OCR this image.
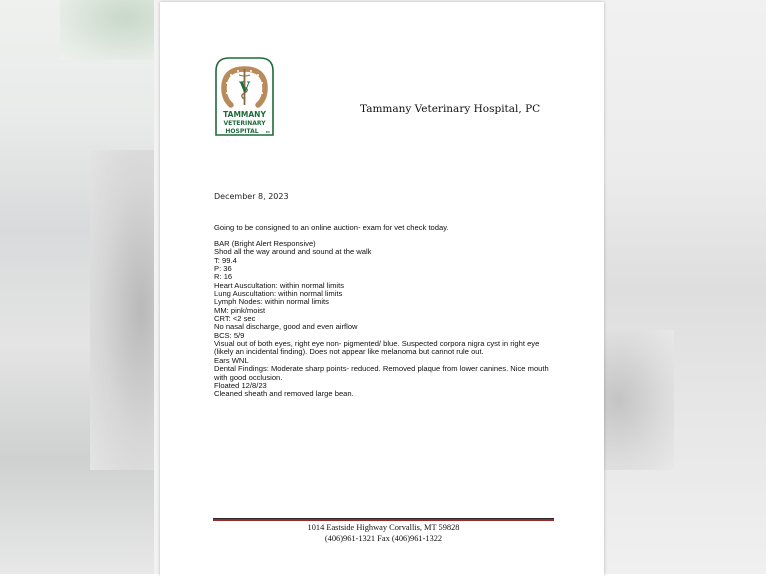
V
TAMMANY
VETERINARY
HOSPITAL PC
Tammany Veterinary Hospital, PC
December 8, 2023
Going to be consigned to an online auction- exam for vet check today.
BAR (Bright Alert Responsive)
Shod all the way around and sound at the walk
T: 99.4
P: 36
R: 16
Heart Auscultation: within normal limits
Lung Auscultation: within normal limits
Lymph Nodes: within normal limits
MM: pink/moist
CRT: <2 sec
No nasal discharge, good and even airflow
BCS: 5/9
Visual out of both eyes, right eye non- pigmented/ blue. Suspected corpora nigra cyst in right eye (likely an incidental finding). Does not appear like melanoma but cannot rule out.
Ears WNL
Dental Findings: Moderate sharp points- reduced. Removed plaque from lower canines. Nice mouth with good occlusion.
Floated 12/8/23
Cleaned sheath and removed large bean.
1014 Eastside Highway Corvallis, MT 59828
(406)961-1321 Fax (406)961-1322
